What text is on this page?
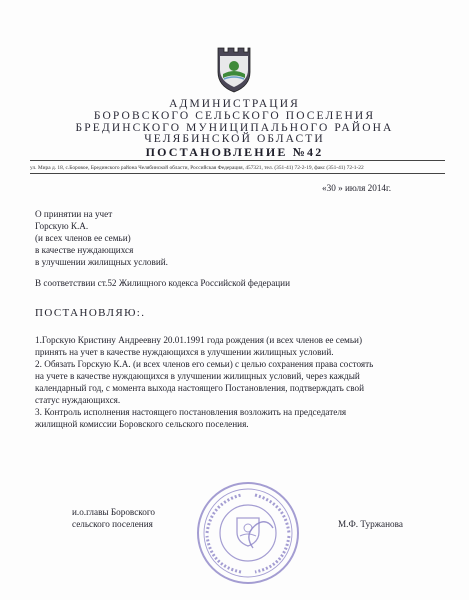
АДМИНИСТРАЦИЯ
БОРОВСКОГО СЕЛЬСКОГО ПОСЕЛЕНИЯ
БРЕДИНСКОГО МУНИЦИПАЛЬНОГО РАЙОНА
ЧЕЛЯБИНСКОЙ ОБЛАСТИ
ПОСТАНОВЛЕНИЕ №42
ул. Мира д. 18, с.Боровое, Брединского района Челябинской области, Российская Федерация, 457321, тел. (351-41) 72-2-19, факс (351-41) 72-1-22
«30 » июля 2014г.
О принятии на учет
Горскую К.А.
(и всех членов ее семьи)
в качестве нуждающихся
в улучшении жилищных условий.
В соответствии ст.52 Жилищного кодекса Российской федерации
ПОСТАНОВЛЯЮ:.
1.Горскую Кристину Андреевну 20.01.1991 года рождения (и всех членов ее семьи)
принять на учет в качестве нуждающихся в улучшении жилищных условий.
2. Обязать Горскую К.А. (и всех членов его семьи) с целью сохранения права состоять
на учете в качестве нуждающихся в улучшении жилищных условий, через каждый
календарный год, с момента выхода настоящего Постановления, подтверждать свой
статус нуждающихся.
3. Контроль исполнения настоящего постановления возложить на председателя
жилищной комиссии Боровского сельского поселения.
и.о.главы Боровского
сельского поселения	М.Ф. Туржанова
